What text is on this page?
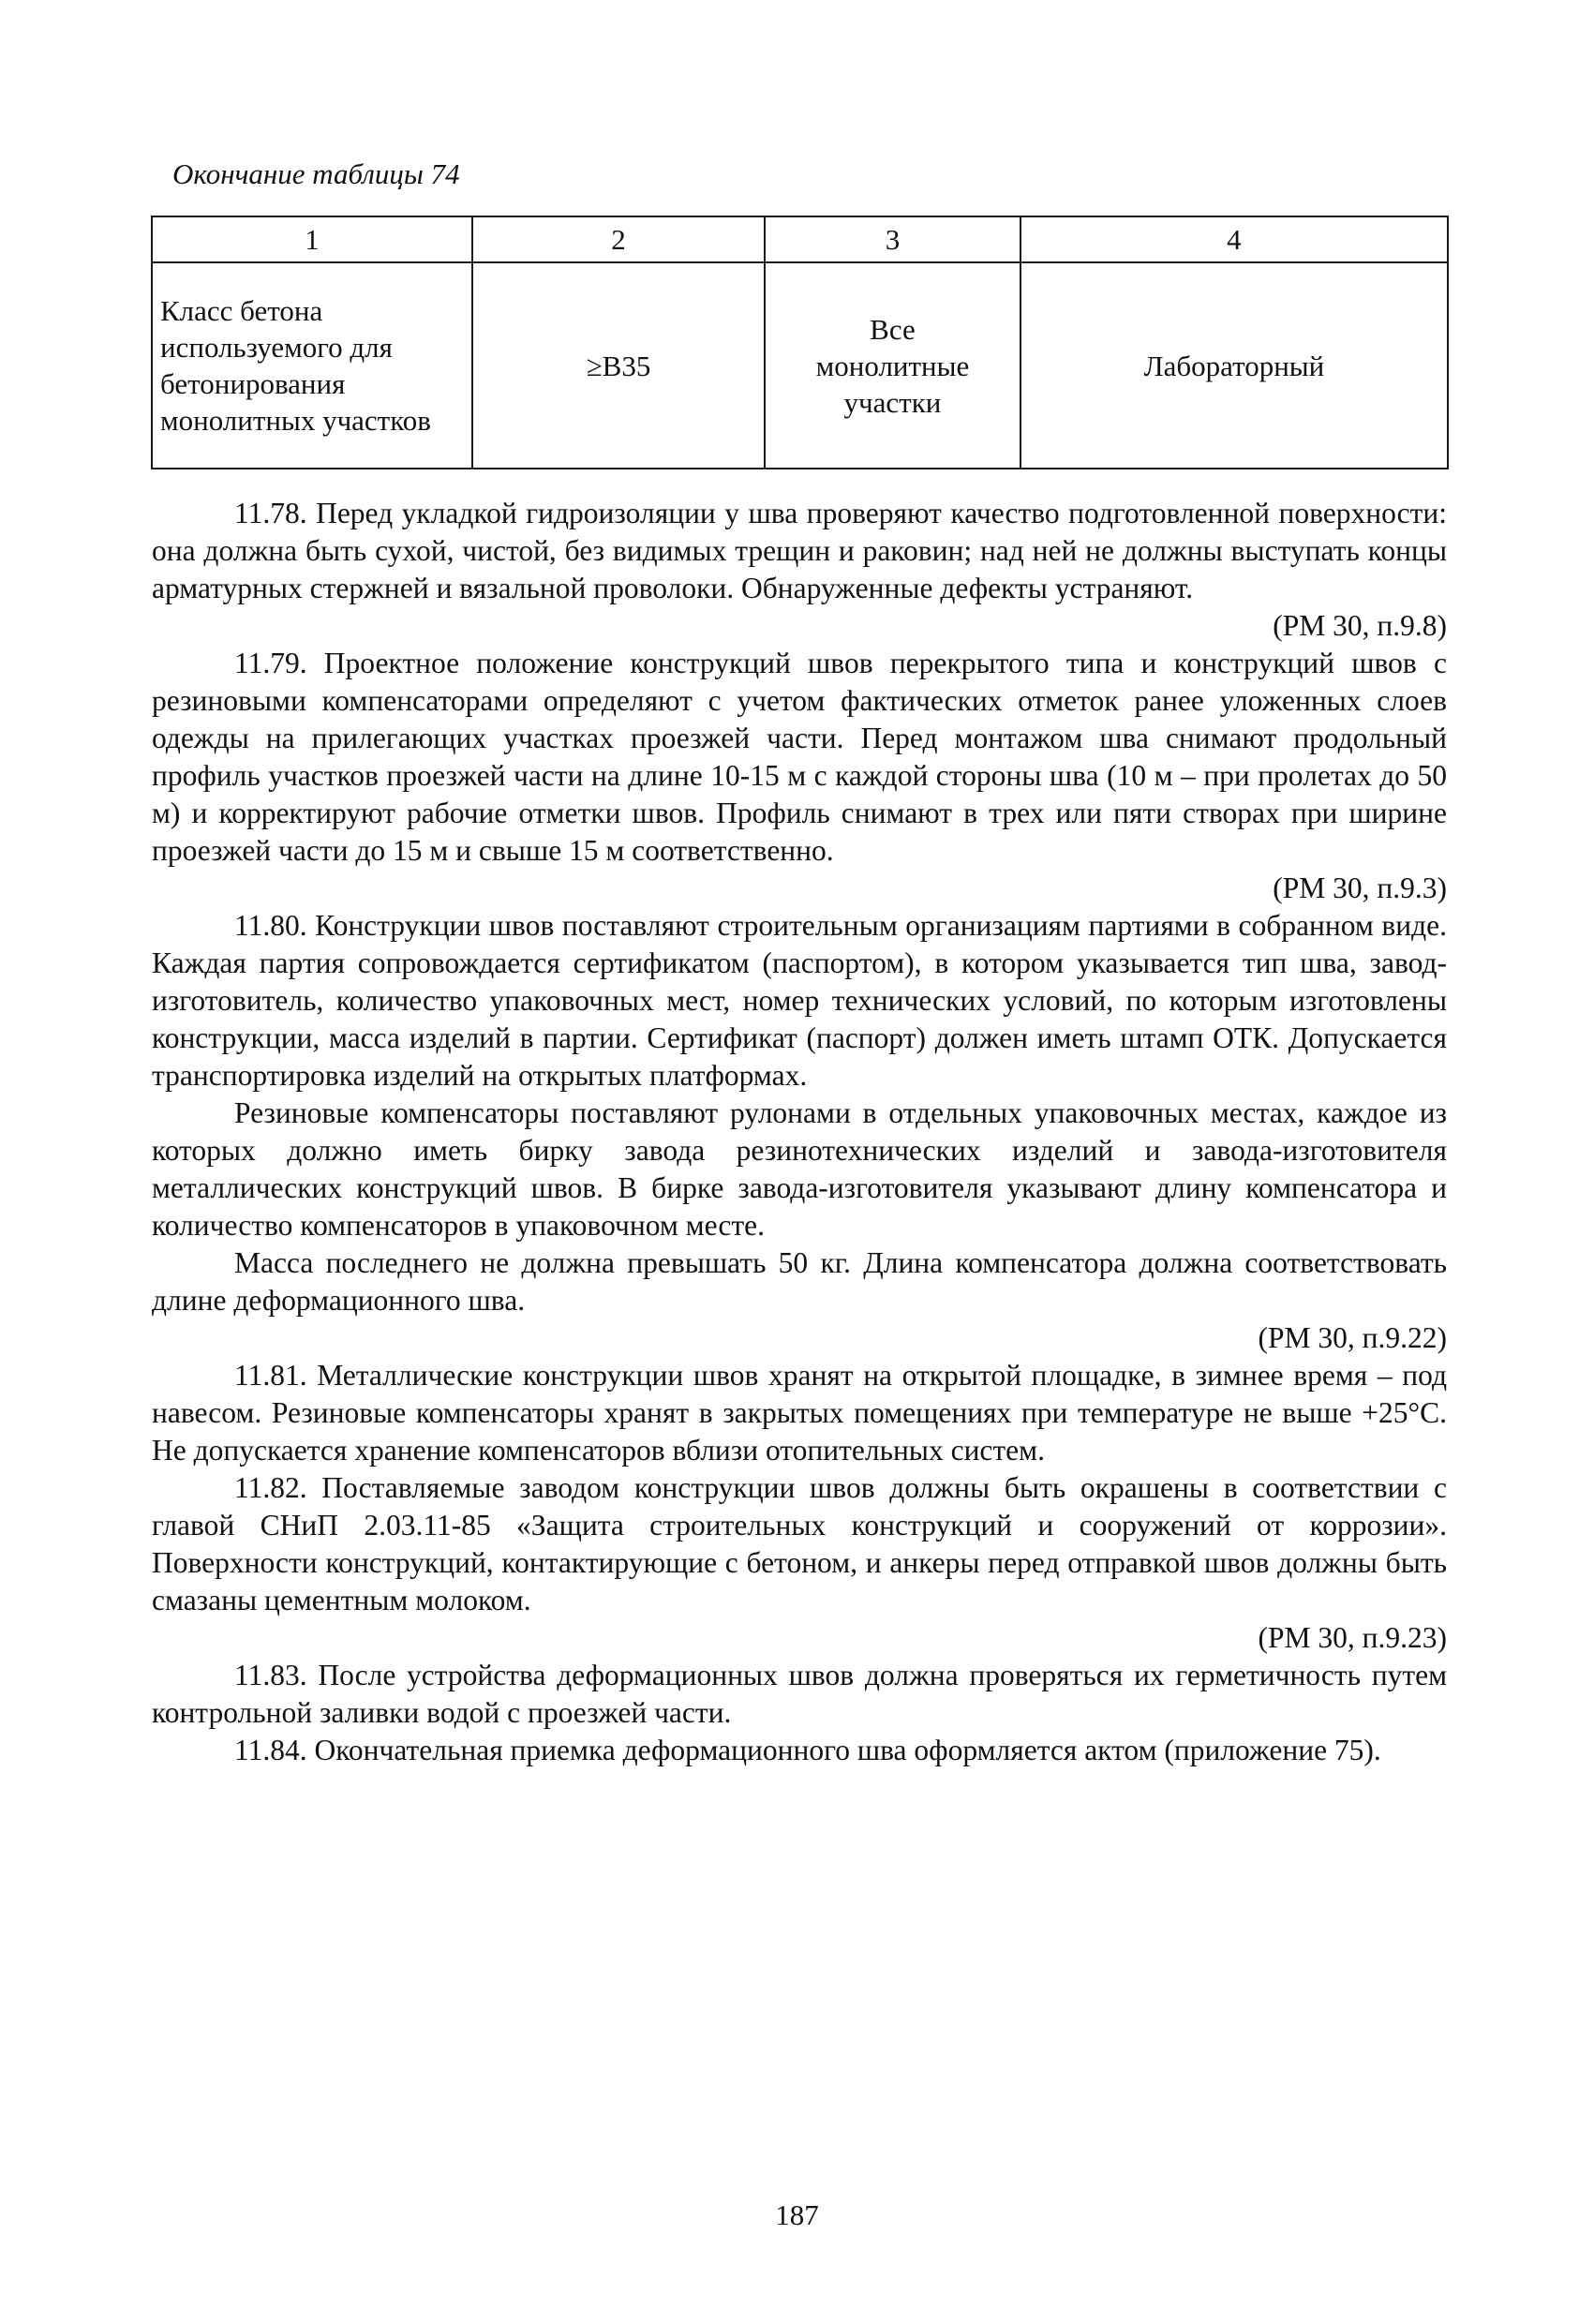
Окончание таблицы 74
1	2	3	4

Класс бетона используемого для бетонирования монолитных участков	≥B35	Все монолитные участки	Лабораторный

11.78. Перед укладкой гидроизоляции у шва проверяют качество подготовленной поверхности: она должна быть сухой, чистой, без видимых трещин и раковин; над ней не должны выступать концы арматурных стержней и вязальной проволоки. Обнаруженные дефекты устраняют.

(РМ 30, п.9.8)

11.79. Проектное положение конструкций швов перекрытого типа и конструкций швов с резиновыми компенсаторами определяют с учетом фактических отметок ранее уложенных слоев одежды на прилегающих участках проезжей части. Перед монтажом шва снимают продольный профиль участков проезжей части на длине 10-15 м с каждой стороны шва (10 м – при пролетах до 50 м) и корректируют рабочие отметки швов. Профиль снимают в трех или пяти створах при ширине проезжей части до 15 м и свыше 15 м соответственно.

(РМ 30, п.9.3)

11.80. Конструкции швов поставляют строительным организациям партиями в собранном виде. Каждая партия сопровождается сертификатом (паспортом), в котором указывается тип шва, завод-изготовитель, количество упаковочных мест, номер технических условий, по которым изготовлены конструкции, масса изделий в партии. Сертификат (паспорт) должен иметь штамп ОТК. Допускается транспортировка изделий на открытых платформах.

Резиновые компенсаторы поставляют рулонами в отдельных упаковочных местах, каждое из которых должно иметь бирку завода резинотехнических изделий и завода-изготовителя металлических конструкций швов. В бирке завода-изготовителя указывают длину компенсатора и количество компенсаторов в упаковочном месте.

Масса последнего не должна превышать 50 кг. Длина компенсатора должна соответствовать длине деформационного шва.

(РМ 30, п.9.22)

11.81. Металлические конструкции швов хранят на открытой площадке, в зимнее время – под навесом. Резиновые компенсаторы хранят в закрытых помещениях при температуре не выше +25°С. Не допускается хранение компенсаторов вблизи отопительных систем.

11.82. Поставляемые заводом конструкции швов должны быть окрашены в соответствии с главой СНиП 2.03.11-85 «Защита строительных конструкций и сооружений от коррозии». Поверхности конструкций, контактирующие с бетоном, и анкеры перед отправкой швов должны быть смазаны цементным молоком.

(РМ 30, п.9.23)

11.83. После устройства деформационных швов должна проверяться их герметичность путем контрольной заливки водой с проезжей части.

11.84. Окончательная приемка деформационного шва оформляется актом (приложение 75).

187
